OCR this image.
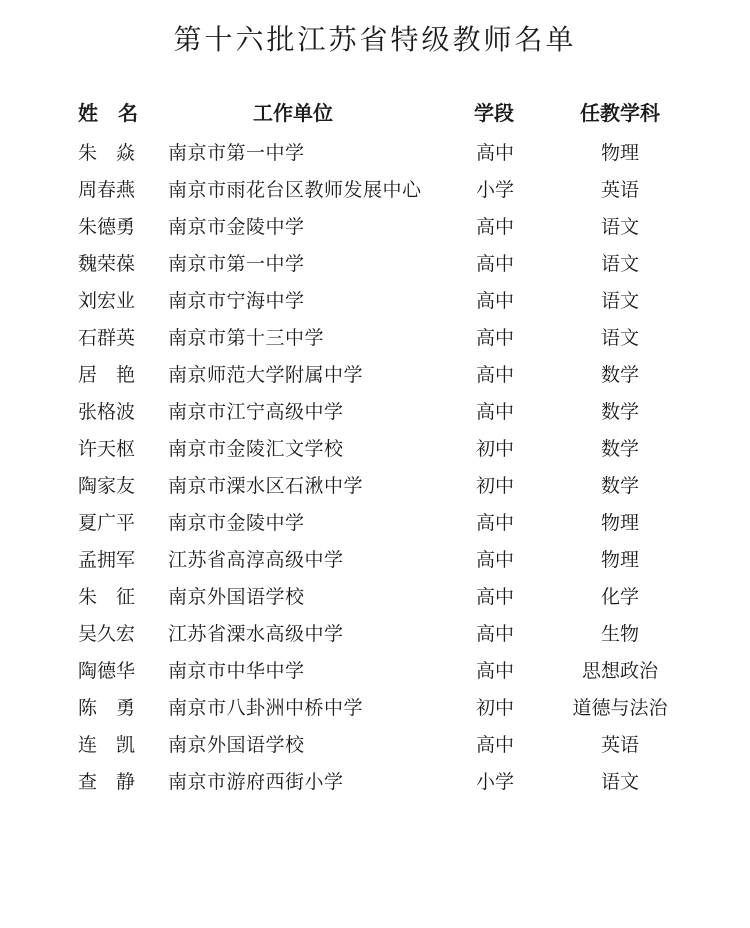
第十六批江苏省特级教师名单
姓　名	工作单位	学段	任教学科
朱　焱 南京市第一中学	高中	物理
周春燕 南京市雨花台区教师发展中心	小学	英语
朱德勇 南京市金陵中学	高中	语文
魏荣葆 南京市第一中学	高中	语文
刘宏业 南京市宁海中学	高中	语文
石群英 南京市第十三中学	高中	语文
居　艳 南京师范大学附属中学	高中	数学
张格波 南京市江宁高级中学	高中	数学
许天枢 南京市金陵汇文学校	初中	数学
陶家友 南京市溧水区石湫中学	初中	数学
夏广平 南京市金陵中学	高中	物理
孟拥军 江苏省高淳高级中学	高中	物理
朱　征 南京外国语学校	高中	化学
吴久宏 江苏省溧水高级中学	高中	生物
陶德华 南京市中华中学	高中	思想政治
陈　勇 南京市八卦洲中桥中学	初中	道德与法治
连　凯 南京外国语学校	高中	英语
查　静 南京市游府西街小学	小学	语文
